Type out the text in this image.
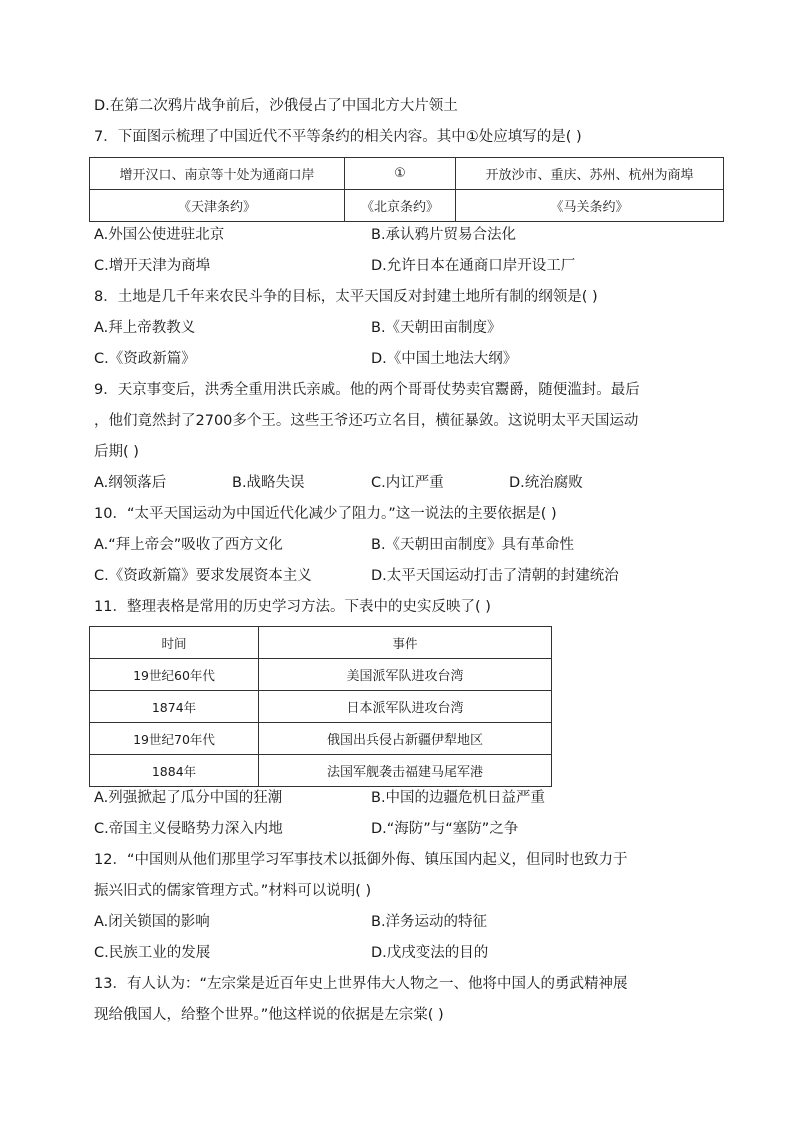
D.在第二次鸦片战争前后，沙俄侵占了中国北方大片领土
7．下面图示梳理了中国近代不平等条约的相关内容。其中①处应填写的是( )
增开汉口、南京等十处为通商口岸	①	开放沙市、重庆、苏州、杭州为商埠
《天津条约》	《北京条约》	《马关条约》
A.外国公使进驻北京	B.承认鸦片贸易合法化
C.增开天津为商埠	D.允许日本在通商口岸开设工厂
8．土地是几千年来农民斗争的目标，太平天国反对封建土地所有制的纲领是( )
A.拜上帝教教义	B.《天朝田亩制度》
C.《资政新篇》	D.《中国土地法大纲》
9．天京事变后，洪秀全重用洪氏亲戚。他的两个哥哥仗势卖官鬻爵，随便滥封。最后
，他们竟然封了2700多个王。这些王爷还巧立名目，横征暴敛。这说明太平天国运动
后期( )
A.纲领落后	B.战略失误	C.内讧严重	D.统治腐败
10．“太平天国运动为中国近代化减少了阻力。”这一说法的主要依据是( )
A.“拜上帝会”吸收了西方文化	B.《天朝田亩制度》具有革命性
C.《资政新篇》要求发展资本主义	D.太平天国运动打击了清朝的封建统治
11．整理表格是常用的历史学习方法。下表中的史实反映了( )
时间	事件
19世纪60年代	美国派军队进攻台湾
1874年	日本派军队进攻台湾
19世纪70年代	俄国出兵侵占新疆伊犁地区
1884年	法国军舰袭击福建马尾军港
A.列强掀起了瓜分中国的狂潮	B.中国的边疆危机日益严重
C.帝国主义侵略势力深入内地	D.“海防”与“塞防”之争
12．“中国则从他们那里学习军事技术以抵御外侮、镇压国内起义，但同时也致力于
振兴旧式的儒家管理方式。”材料可以说明( )
A.闭关锁国的影响	B.洋务运动的特征
C.民族工业的发展	D.戊戌变法的目的
13．有人认为：“左宗棠是近百年史上世界伟大人物之一、他将中国人的勇武精神展
现给俄国人，给整个世界。”他这样说的依据是左宗棠( )
